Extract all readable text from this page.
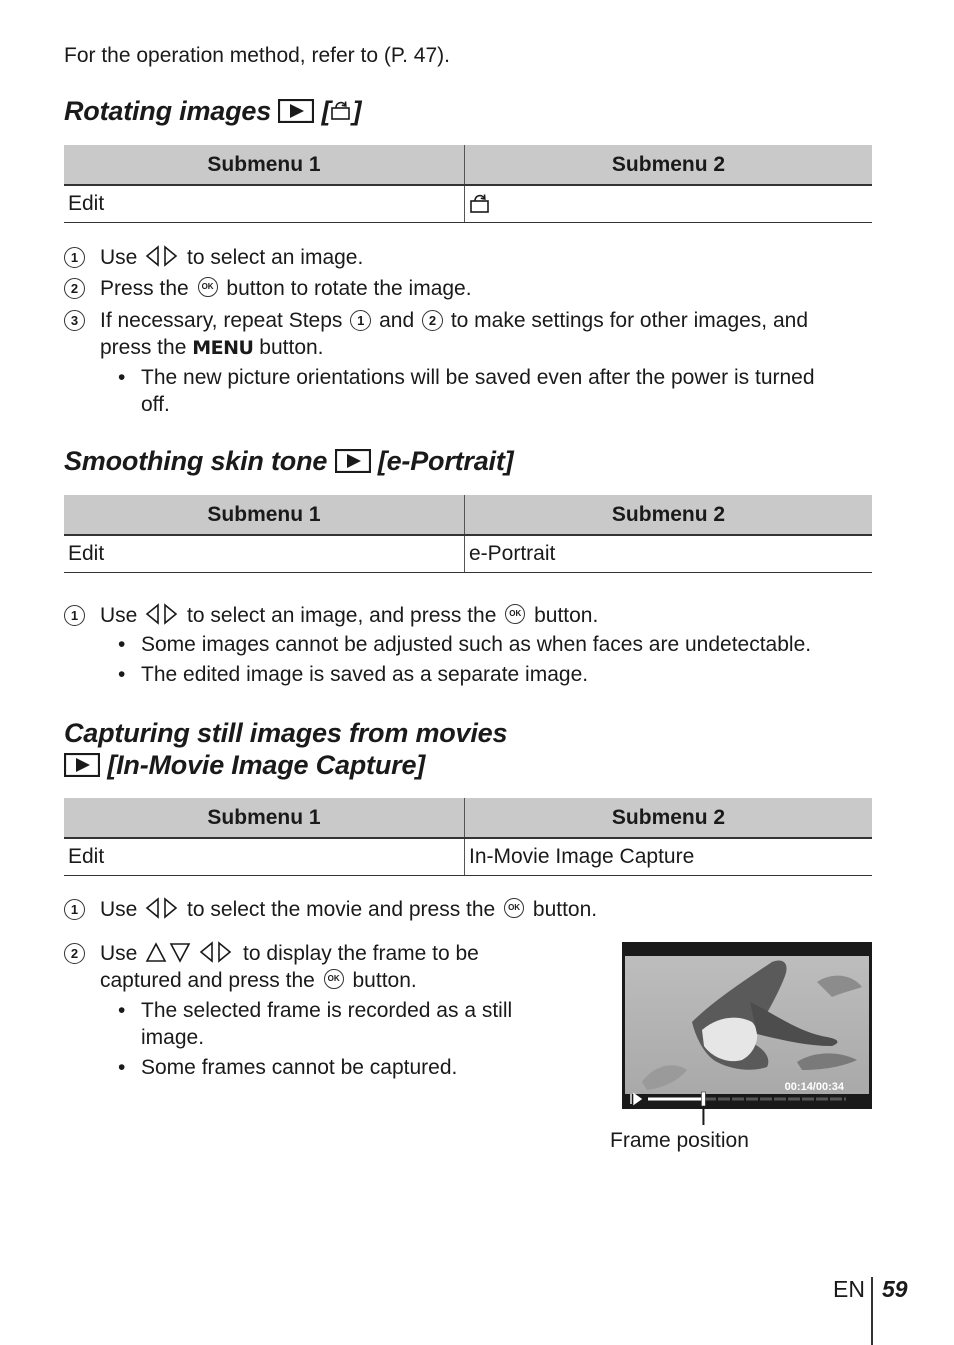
For the operation method, refer to (P. 47).
Rotating images [ ]
Submenu 1	Submenu 2
Edit	
1	Use to select an image.
2	Press the OK button to rotate the image.
3	If necessary, repeat Steps 1 and 2 to make settings for other images, and
press the MENU button.
• The new picture orientations will be saved even after the power is turned
off.
Smoothing skin tone [e-Portrait]
Submenu 1	Submenu 2
Edit	e-Portrait
1	Use to select an image, and press the OK button.
• Some images cannot be adjusted such as when faces are undetectable.
• The edited image is saved as a separate image.
Capturing still images from movies
[In-Movie Image Capture]
Submenu 1	Submenu 2
Edit	In-Movie Image Capture
1	Use to select the movie and press the OK button.
2	Use	to display the frame to be
captured and press the OK button.
• The selected frame is recorded as a still
image.
• Some frames cannot be captured.
00:14/00:34
Frame position
EN 59
